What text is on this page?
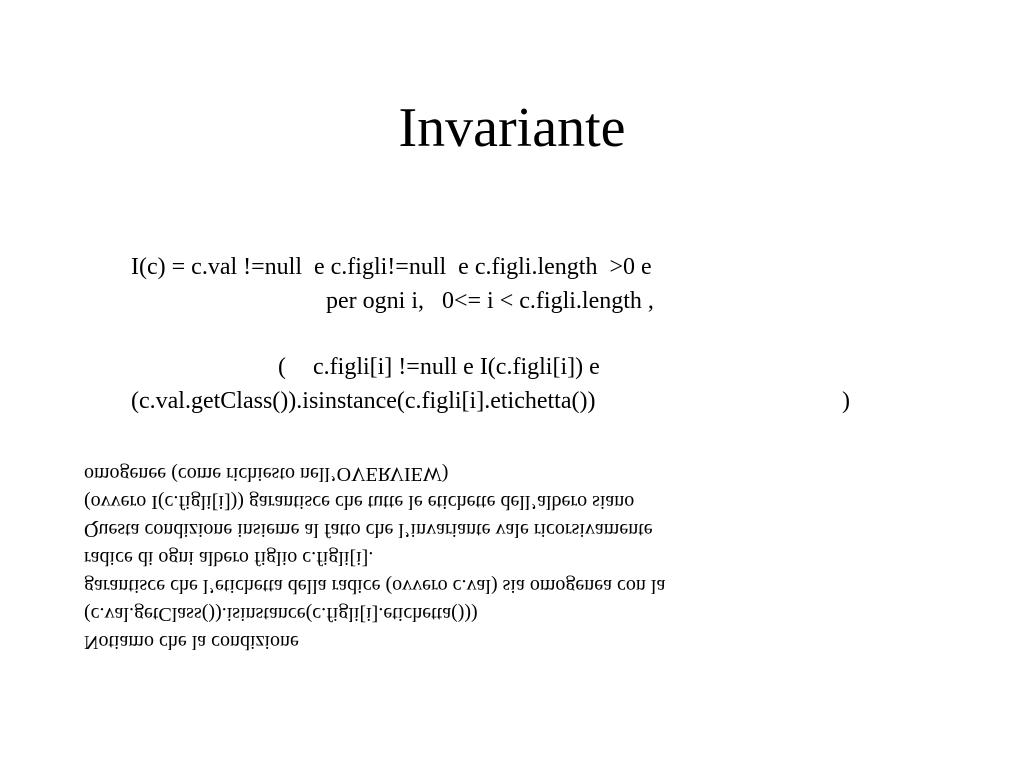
Invariante
I(c) = c.val !=null  e c.figli!=null  e c.figli.length  >0 e
per ogni i,   0<= i < c.figli.length ,
( c.figli[i] !=null e I(c.figli[i]) e
(c.val.getClass()).isinstance(c.figli[i].etichetta())	)
Notiamo che la condizione
(c.val.getClass()).isinstance(c.figli[i].etichetta()))
garantisce che l’etichetta della radice (ovvero c.val) sia omogenea con la
radice di ogni albero figlio c.figli[i].
Questa condizione insieme al fatto che l’invariante vale ricorsivamente
(ovvero I(c.figli[i])) garantisce che tutte le etichette dell’albero siano
omogenee (come richiesto nell’OVERVIEW)
